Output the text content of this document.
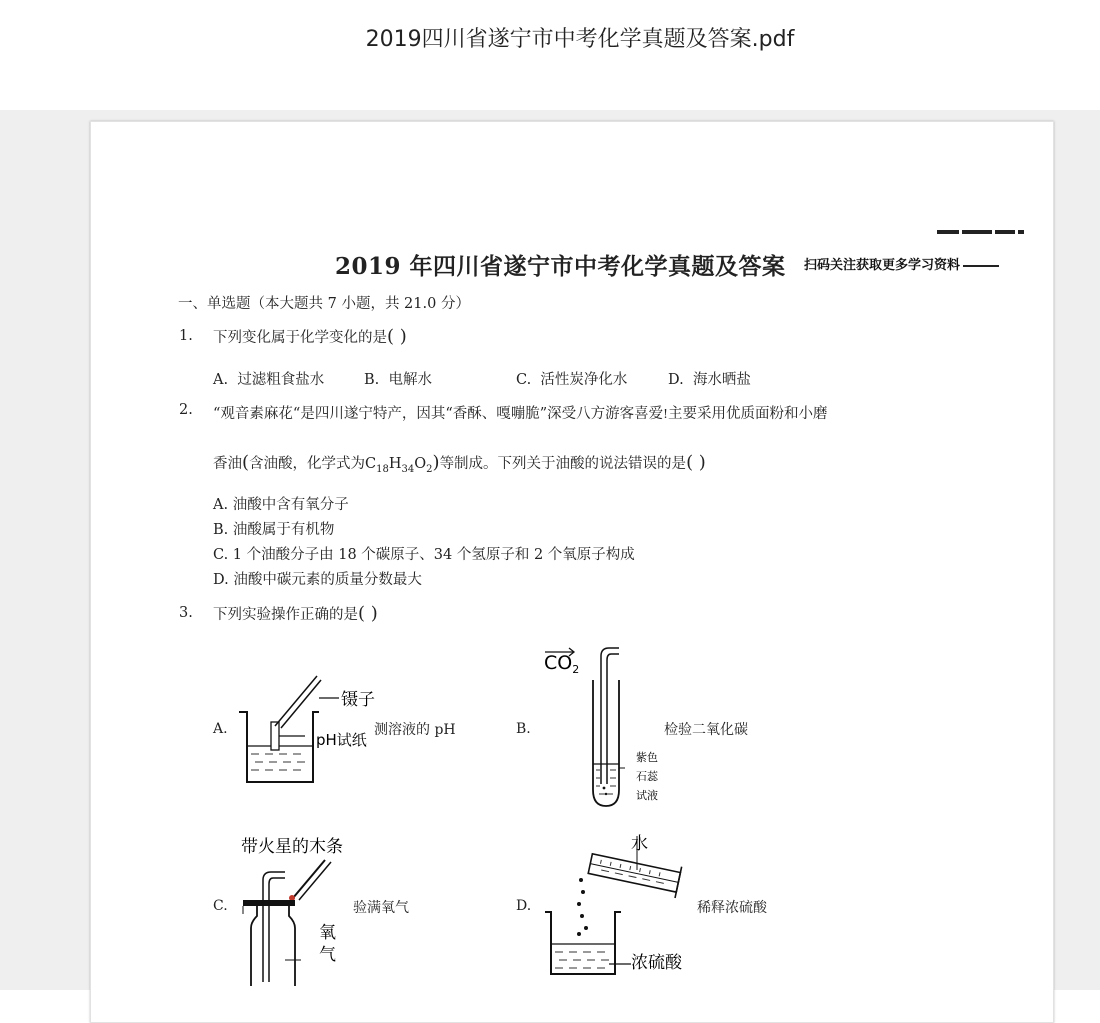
2019四川省遂宁市中考化学真题及答案.pdf
2019 年四川省遂宁市中考化学真题及答案 扫码关注获取更多学习资料
一、单选题（本大题共 7 小题，共 21.0 分）
1. 下列变化属于化学变化的是( )
A. 过滤粗食盐水	B. 电解水	C. 活性炭净化水	D. 海水晒盐
2. “观音素麻花“是四川遂宁特产，因其“香酥、嘎嘣脆”深受八方游客喜爱!主要采用优质面粉和小磨
香油(含油酸，化学式为$C_{18}H_{34}O_2$)等制成。下列关于油酸的说法错误的是( )
A. 油酸中含有氧分子
B. 油酸属于有机物
C. 1 个油酸分子由 18 个碳原子、34 个氢原子和 2 个氧原子构成
D. 油酸中碳元素的质量分数最大
3. 下列实验操作正确的是( )
A.
镊子
pH试纸
测溶液的 pH	B.
$CO_2$
紫色
石蕊
试液
检验二氧化碳
带火星的木条
C.
氧
气
验满氧气	D.
水
浓硫酸
稀释浓硫酸
